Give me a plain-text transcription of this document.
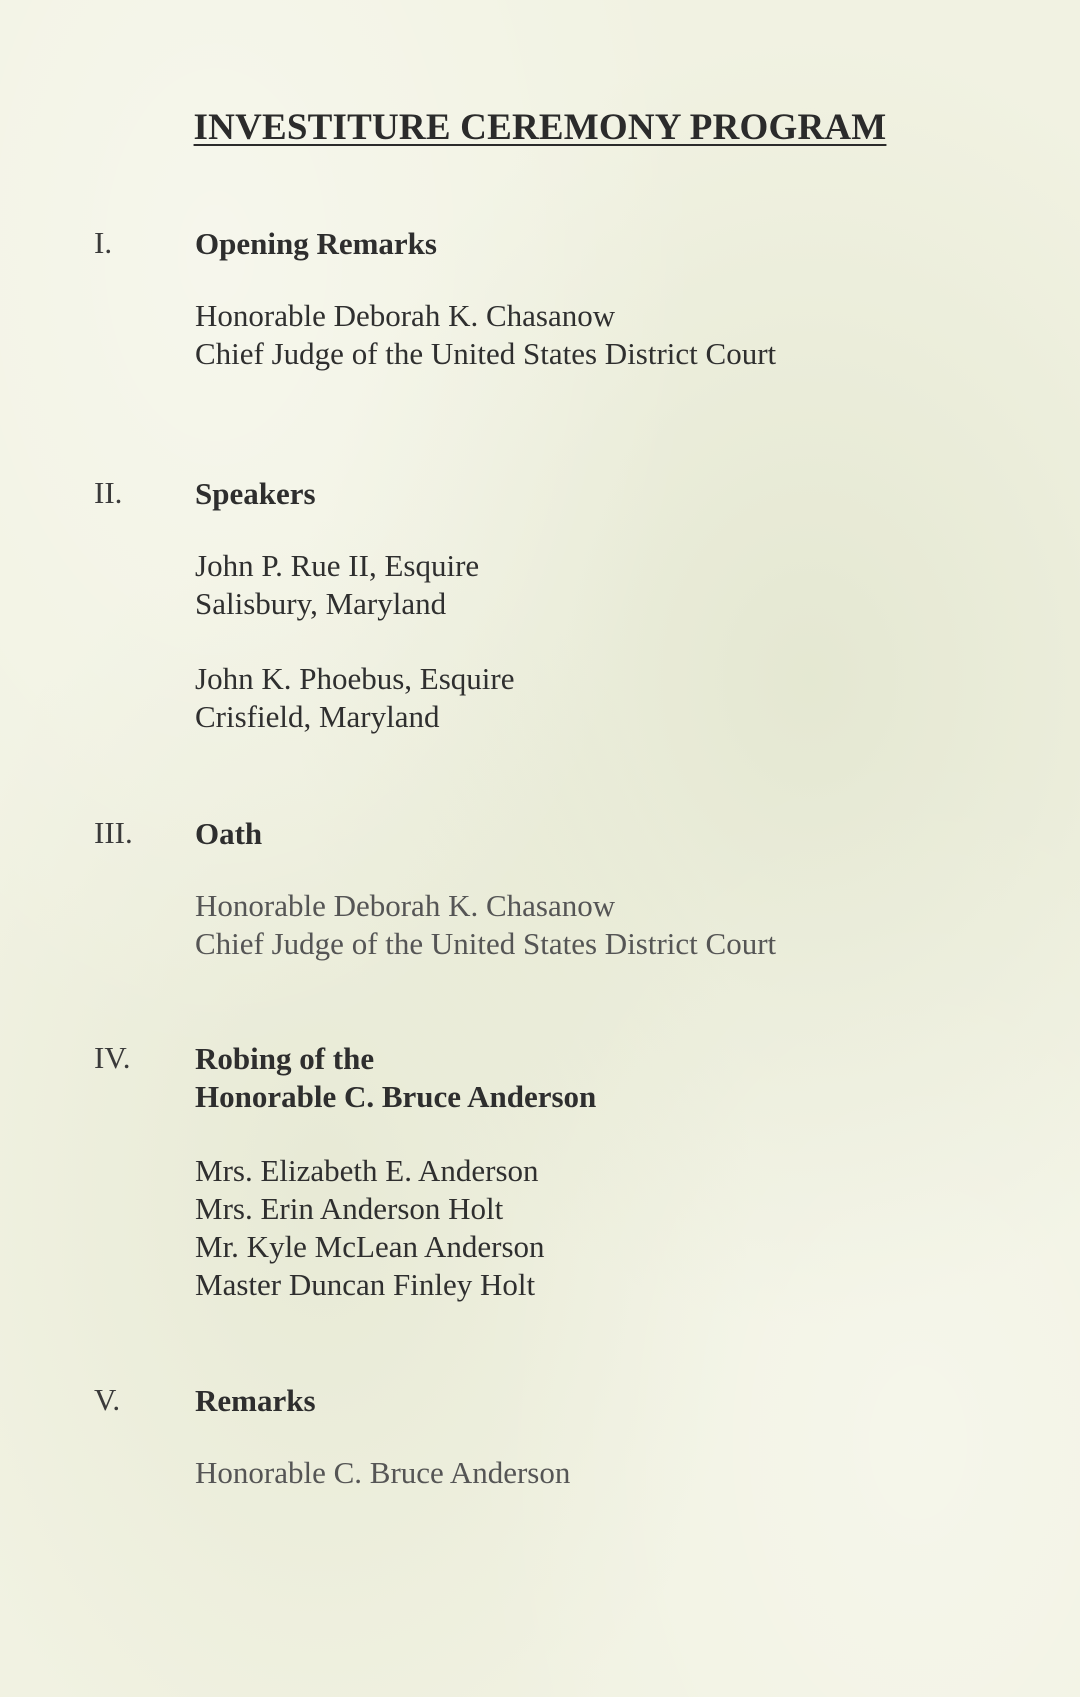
INVESTITURE CEREMONY PROGRAM
I.	Opening Remarks
Honorable Deborah K. Chasanow
Chief Judge of the United States District Court
II. Speakers
John P. Rue II, Esquire
Salisbury, Maryland
John K. Phoebus, Esquire
Crisfield, Maryland
III. Oath
Honorable Deborah K. Chasanow
Chief Judge of the United States District Court
IV. Robing of the
Honorable C. Bruce Anderson
Mrs. Elizabeth E. Anderson
Mrs. Erin Anderson Holt
Mr. Kyle McLean Anderson
Master Duncan Finley Holt
V. Remarks
Honorable C. Bruce Anderson
